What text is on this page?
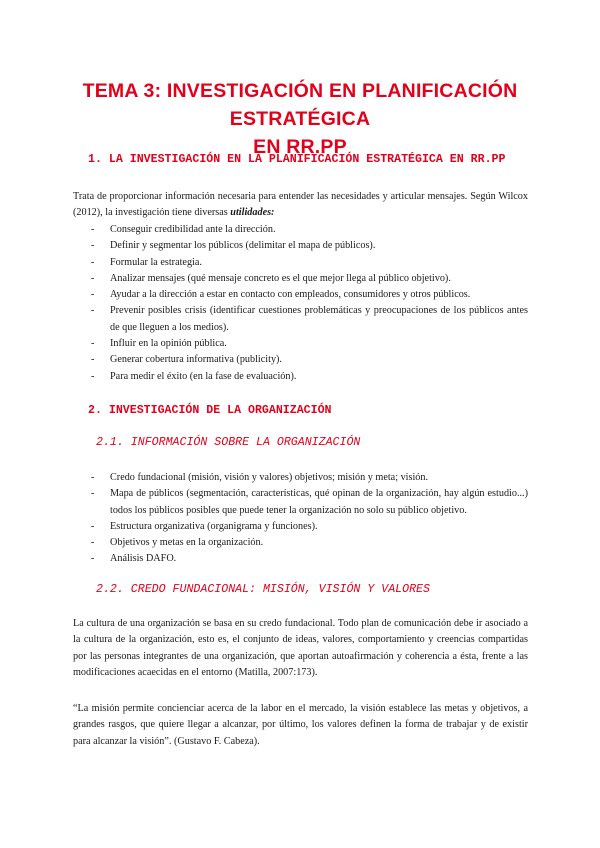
TEMA 3: INVESTIGACIÓN EN PLANIFICACIÓN ESTRATÉGICA
EN RR.PP
1. LA INVESTIGACIÓN EN LA PLANIFICACIÓN ESTRATÉGICA EN RR.PP
Trata de proporcionar información necesaria para entender las necesidades y articular mensajes. Según Wilcox (2012), la investigación tiene diversas utilidades:
- Conseguir credibilidad ante la dirección.
- Definir y segmentar los públicos (delimitar el mapa de públicos).
- Formular la estrategia.
- Analizar mensajes (qué mensaje concreto es el que mejor llega al público objetivo).
- Ayudar a la dirección a estar en contacto con empleados, consumidores y otros públicos.
- Prevenir posibles crisis (identificar cuestiones problemáticas y preocupaciones de los públicos antes de que lleguen a los medios).
- Influir en la opinión pública.
- Generar cobertura informativa (publicity).
- Para medir el éxito (en la fase de evaluación).
2. INVESTIGACIÓN DE LA ORGANIZACIÓN
2.1. INFORMACIÓN SOBRE LA ORGANIZACIÓN
- Credo fundacional (misión, visión y valores) objetivos; misión y meta; visión.
- Mapa de públicos (segmentación, características, qué opinan de la organización, hay algún estudio...) todos los públicos posibles que puede tener la organización no solo su público objetivo.
- Estructura organizativa (organigrama y funciones).
- Objetivos y metas en la organización.
- Análisis DAFO.
2.2. CREDO FUNDACIONAL: MISIÓN, VISIÓN Y VALORES
La cultura de una organización se basa en su credo fundacional. Todo plan de comunicación debe ir asociado a la cultura de la organización, esto es, el conjunto de ideas, valores, comportamiento y creencias compartidas por las personas integrantes de una organización, que aportan autoafirmación y coherencia a ésta, frente a las modificaciones acaecidas en el entorno (Matilla, 2007:173).
“La misión permite concienciar acerca de la labor en el mercado, la visión establece las metas y objetivos, a grandes rasgos, que quiere llegar a alcanzar, por último, los valores definen la forma de trabajar y de existir para alcanzar la visión”. (Gustavo F. Cabeza).
